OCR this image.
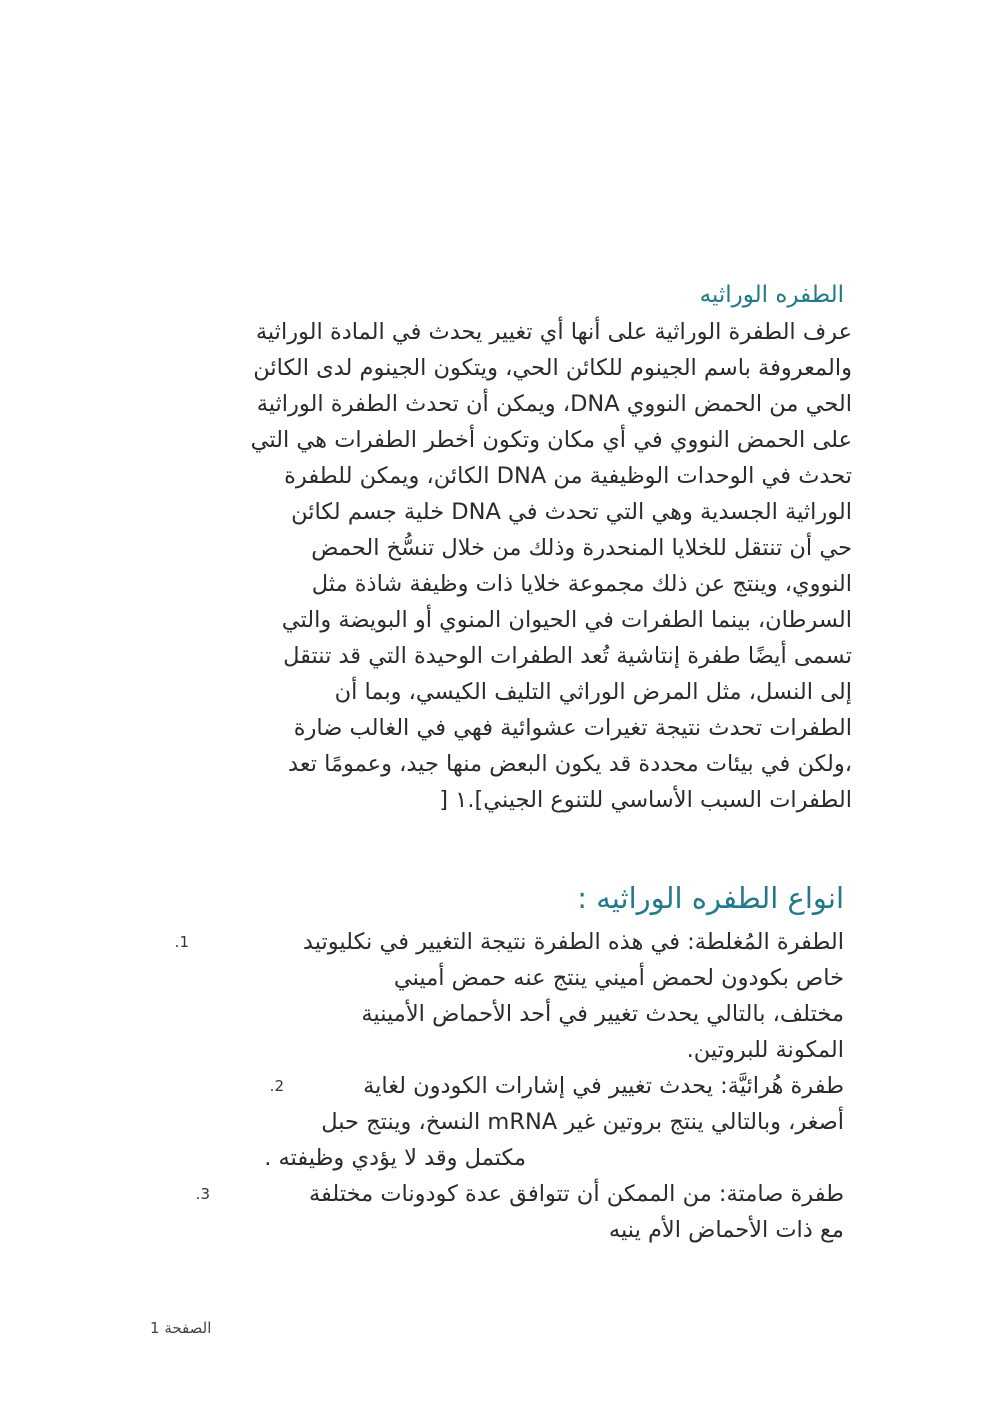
الطفره الوراثيه
عرف الطفرة الوراثية على أنها أي تغيير يحدث في المادة الوراثية
والمعروفة باسم الجينوم للكائن الحي، ويتكون الجينوم لدى الكائن
الحي من الحمض النووي DNA، ويمكن أن تحدث الطفرة الوراثية
على الحمض النووي في أي مكان وتكون أخطر الطفرات هي التي
تحدث في الوحدات الوظيفية من DNA الكائن، ويمكن للطفرة
الوراثية الجسدية وهي التي تحدث في DNA خلية جسم لكائن
حي أن تنتقل للخلايا المنحدرة وذلك من خلال تنسُّخ الحمض
النووي، وينتج عن ذلك مجموعة خلايا ذات وظيفة شاذة مثل
السرطان، بينما الطفرات في الحيوان المنوي أو البويضة والتي
تسمى أيضًا طفرة إنتاشية تُعد الطفرات الوحيدة التي قد تنتقل
إلى النسل، مثل المرض الوراثي التليف الكيسي، وبما أن
الطفرات تحدث نتيجة تغيرات عشوائية فهي في الغالب ضارة
،ولكن في بيئات محددة قد يكون البعض منها جيد، وعمومًا تعد
الطفرات السبب الأساسي للتنوع الجيني].١ [
انواع الطفره الوراثيه :
الطفرة المُغلطة: في هذه الطفرة نتيجة التغيير في نكليوتيد
1.
خاص بكودون لحمض أميني ينتج عنه حمض أميني
مختلف، بالتالي يحدث تغيير في أحد الأحماض الأمينية
المكونة للبروتين.
طفرة هُرائيَّة: يحدث تغيير في إشارات الكودون لغاية
2.
أصغر، وبالتالي ينتج بروتين غير mRNA النسخ، وينتج حبل
مكتمل وقد لا يؤدي وظيفته .
طفرة صامتة: من الممكن أن تتوافق عدة كودونات مختلفة
3.
مع ذات الأحماض الأم ينيه
الصفحة 1
